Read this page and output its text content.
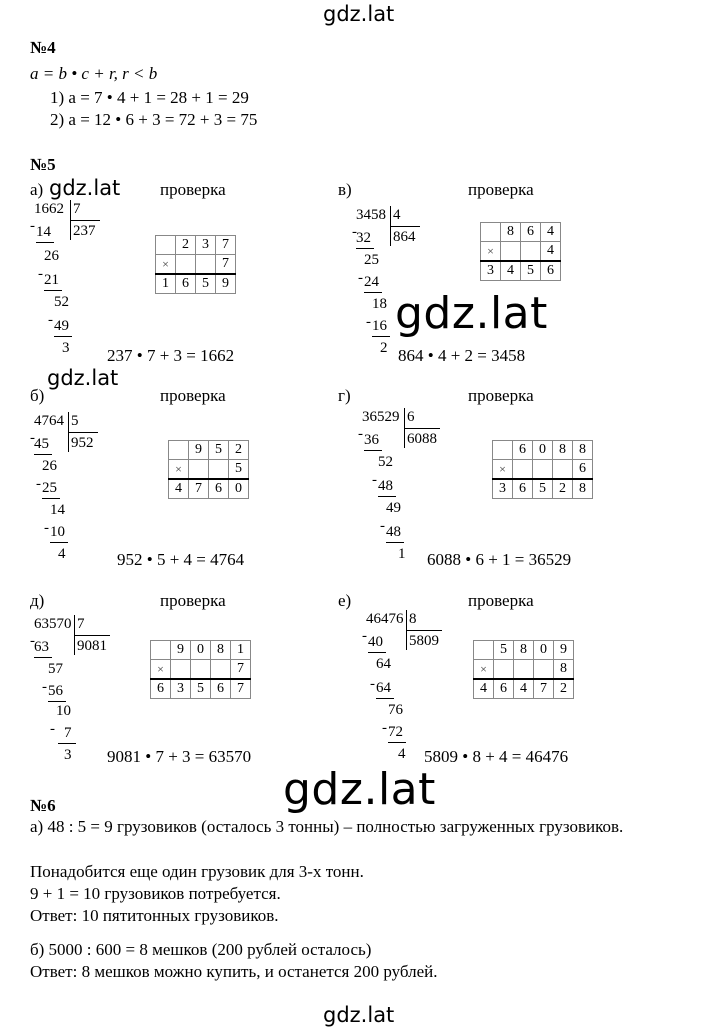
gdz.lat
gdz.lat
№4
a = b • c + r, r < b
1) a = 7 • 4 + 1 = 28 + 1 = 29
2) a = 12 • 6 + 3 = 72 + 3 = 75
№5
а) gdz.lat проверка
1662 7
237
- 14
26
- 21
52
- 49
3
	2	3	7
×			7
1	6	5	9
237 • 7 + 3 = 1662
в)	проверка
3458 4
864
- 32
25
- 24
18
- 16
2
gdz.lat
	8	6	4
×			4
3	4	5	6
864 • 4 + 2 = 3458
gdz.lat
б)	проверка
4764 5
952
- 45
26
- 25
14
- 10
4
	9	5	2
×			5
4	7	6	0
952 • 5 + 4 = 4764
г)	проверка
36529 6
6088
- 36
52
- 48
49
- 48
1
	6	0	8	8
×				6
3	6	5	2	8
6088 • 6 + 1 = 36529
д)	проверка
63570 7
9081
- 63
57
- 56
10
- 7
3
	9	0	8	1
×				7
6	3	5	6	7
9081 • 7 + 3 = 63570
е)	проверка
46476 8
5809
- 40
64
- 64
76
- 72
4
	5	8	0	9
×				8
4	6	4	7	2
5809 • 8 + 4 = 46476
gdz.lat
№6
а) 48 : 5 = 9 грузовиков (осталось 3 тонны) – полностью загруженных грузовиков.
Понадобится еще один грузовик для 3-х тонн.
9 + 1 = 10 грузовиков потребуется.
Ответ: 10 пятитонных грузовиков.
б) 5000 : 600 = 8 мешков (200 рублей осталось)
Ответ: 8 мешков можно купить, и останется 200 рублей.
